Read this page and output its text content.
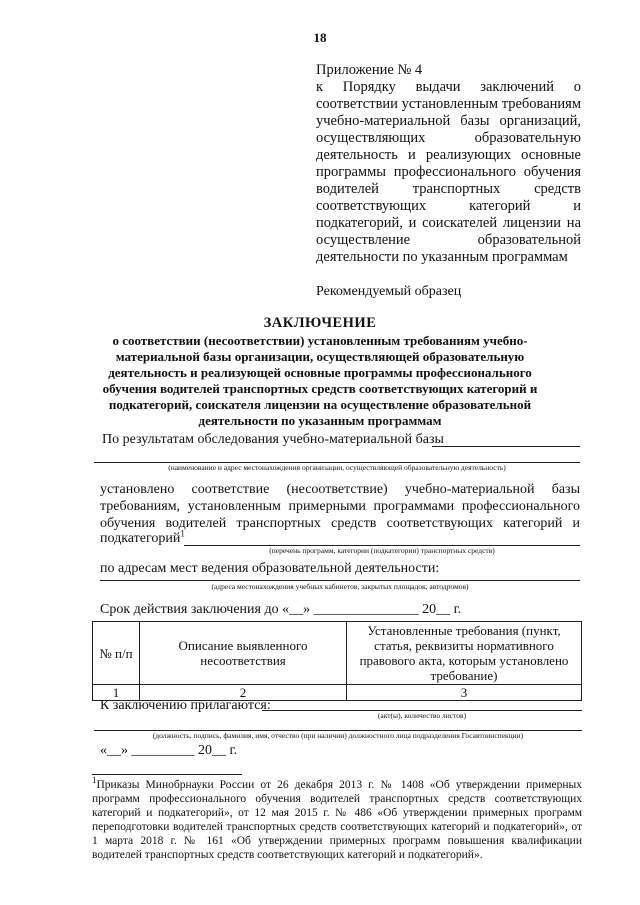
18
Приложение № 4
к Порядку выдачи заключений о соответствии установленным требованиям учебно-материальной базы организаций, осуществляющих образовательную деятельность и реализующих основные программы профессионального обучения водителей транспортных средств соответствующих категорий и подкатегорий, и соискателей лицензии на осуществление образовательной деятельности по указанным программам
Рекомендуемый образец
ЗАКЛЮЧЕНИЕ
о соответствии (несоответствии) установленным требованиям учебно-материальной базы организации, осуществляющей образовательную деятельность и реализующей основные программы профессионального обучения водителей транспортных средств соответствующих категорий и подкатегорий, соискателя лицензии на осуществление образовательной деятельности по указанным программам
По результатам обследования учебно-материальной базы
(наименование и адрес местонахождения организации, осуществляющей образовательную деятельность)
установлено соответствие (несоответствие) учебно-материальной базы требованиям, установленным примерными программами профессионального обучения водителей транспортных средств соответствующих категорий и
подкатегорий$^1$
(перечень программ, категории (подкатегории) транспортных средств)
по адресам мест ведения образовательной деятельности:
(адреса местонахождения учебных кабинетов, закрытых площадок, автодромов)
Срок действия заключения до «__» _______________ 20__ г.
№ п/п	Описание выявленного несоответствия	Установленные требования (пункт, статья, реквизиты нормативного правового акта, которым установлено требование)
1	2	3
К заключению прилагаются:
(акт(ы), количество листов)
(должность, подпись, фамилия, имя, отчество (при наличии) должностного лица подразделения Госавтоинспекции)
«__» _________ 20__ г.
$^1$Приказы Минобрнауки России от 26 декабря 2013 г. № 1408 «Об утверждении примерных программ профессионального обучения водителей транспортных средств соответствующих категорий и подкатегорий», от 12 мая 2015 г. № 486 «Об утверждении примерных программ переподготовки водителей транспортных средств соответствующих категорий и подкатегорий», от 1 марта 2018 г. № 161 «Об утверждении примерных программ повышения квалификации водителей транспортных средств соответствующих категорий и подкатегорий».
